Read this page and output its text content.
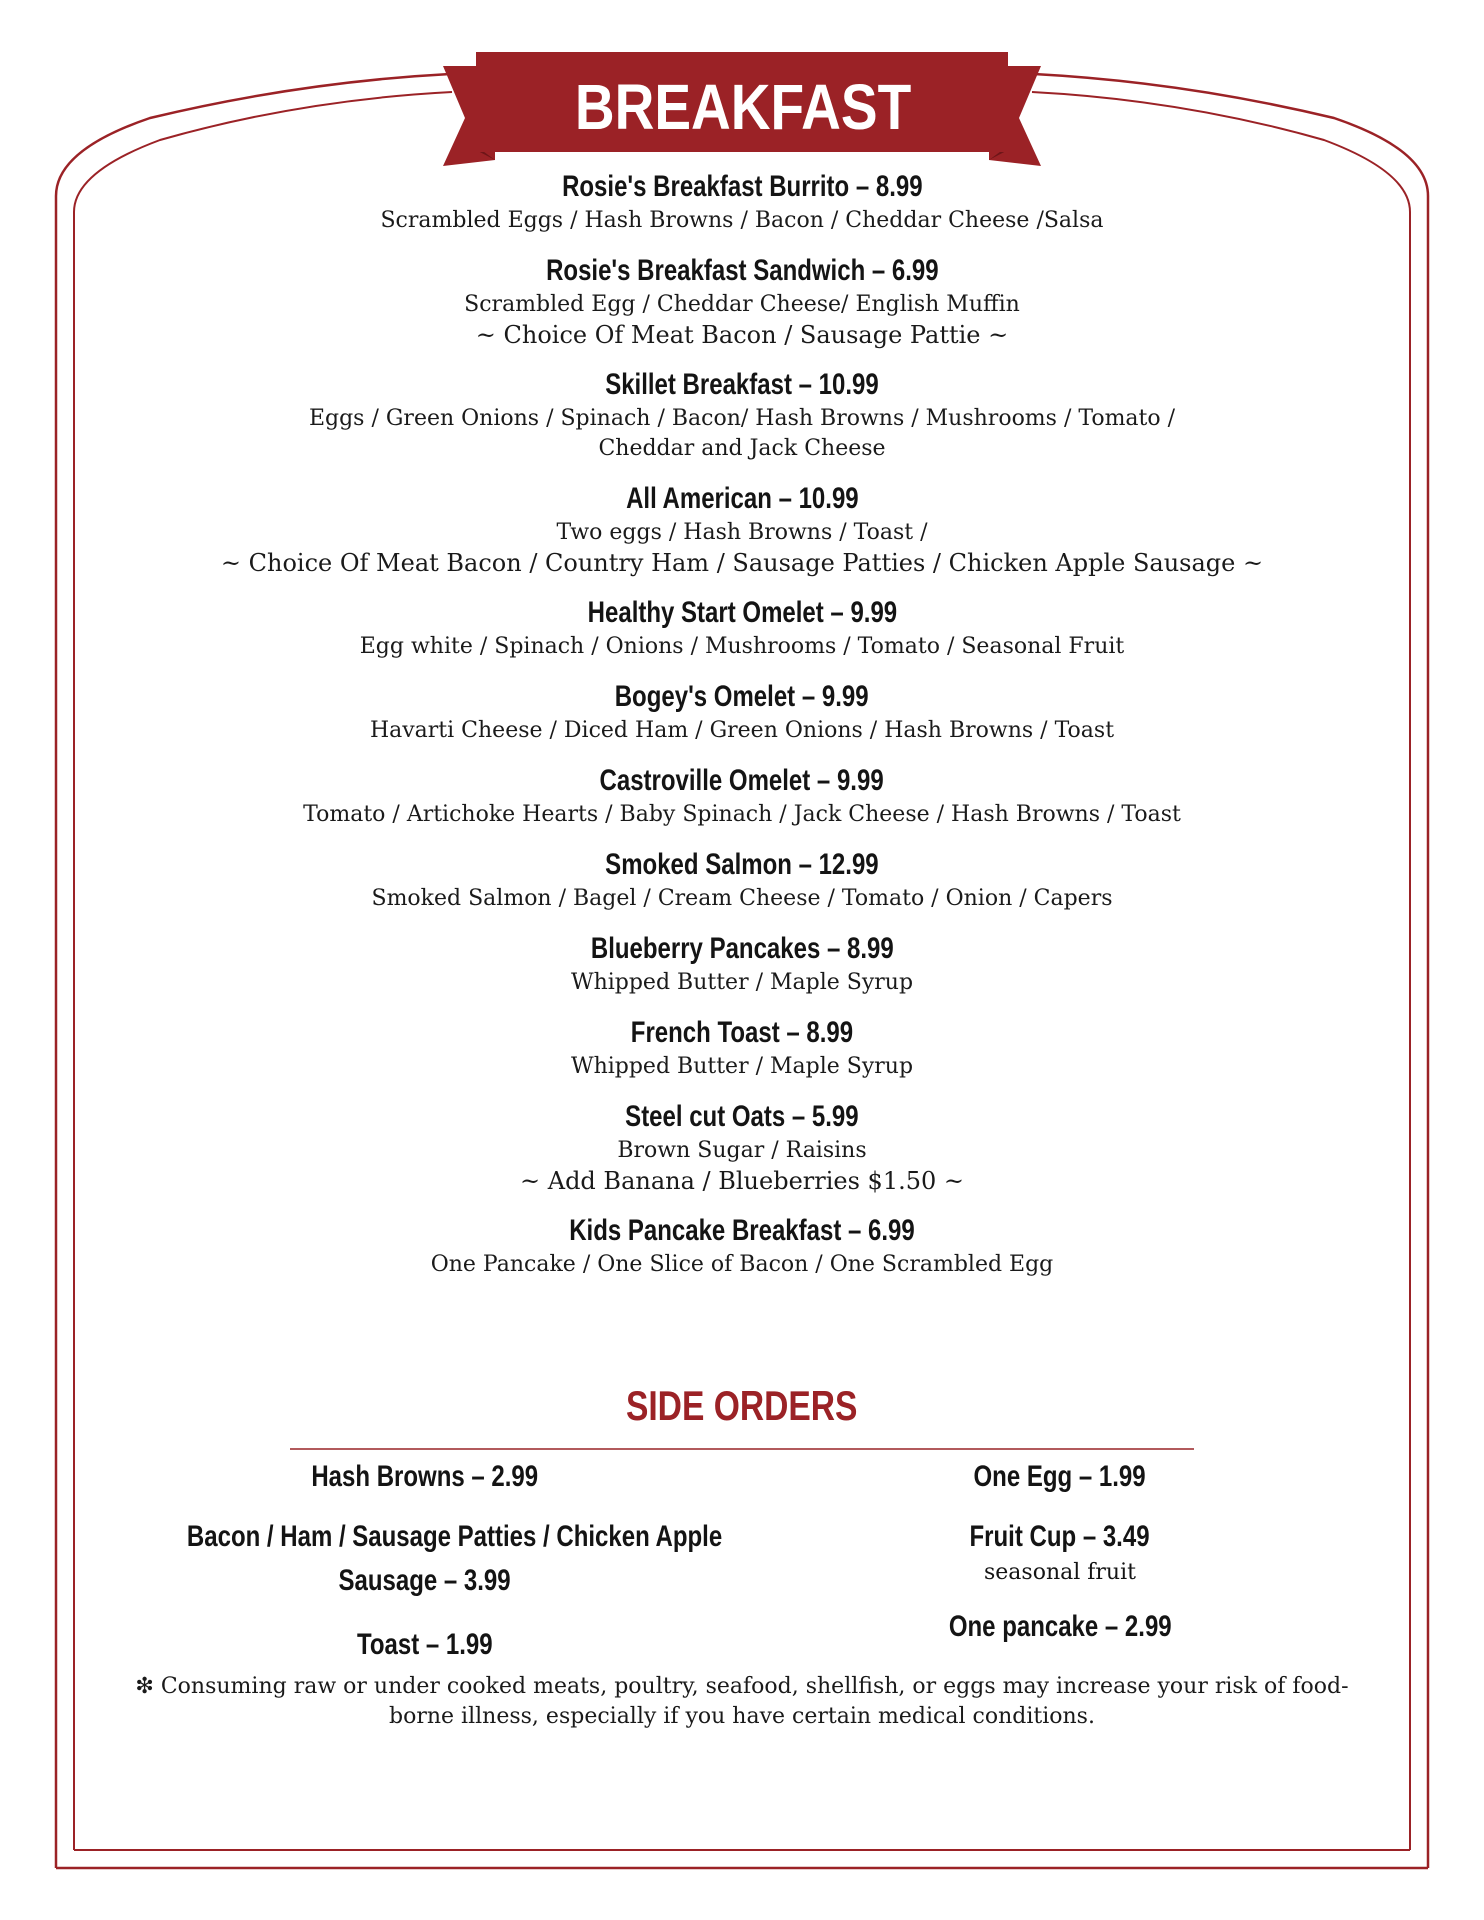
BREAKFAST
Rosie's Breakfast Burrito – 8.99
Scrambled Eggs / Hash Browns / Bacon / Cheddar Cheese /Salsa
Rosie's Breakfast Sandwich – 6.99
Scrambled Egg / Cheddar Cheese/ English Muffin
~ Choice Of Meat Bacon / Sausage Pattie ~
Skillet Breakfast – 10.99
Eggs / Green Onions / Spinach / Bacon/ Hash Browns / Mushrooms / Tomato / Cheddar and Jack Cheese
All American – 10.99
Two eggs / Hash Browns / Toast /
~ Choice Of Meat Bacon / Country Ham / Sausage Patties / Chicken Apple Sausage ~
Healthy Start Omelet – 9.99
Egg white / Spinach / Onions / Mushrooms / Tomato / Seasonal Fruit
Bogey's Omelet – 9.99
Havarti Cheese / Diced Ham / Green Onions / Hash Browns / Toast
Castroville Omelet – 9.99
Tomato / Artichoke Hearts / Baby Spinach / Jack Cheese / Hash Browns / Toast
Smoked Salmon – 12.99
Smoked Salmon / Bagel / Cream Cheese / Tomato / Onion / Capers
Blueberry Pancakes – 8.99
Whipped Butter / Maple Syrup
French Toast – 8.99
Whipped Butter / Maple Syrup
Steel cut Oats – 5.99
Brown Sugar / Raisins
~ Add Banana / Blueberries $1.50 ~
Kids Pancake Breakfast – 6.99
One Pancake / One Slice of Bacon / One Scrambled Egg
SIDE ORDERS
Hash Browns – 2.99
Bacon / Ham / Sausage Patties / Chicken Apple
Sausage – 3.99
Toast – 1.99
One Egg – 1.99
Fruit Cup – 3.49
seasonal fruit
One pancake – 2.99
❇ Consuming raw or under cooked meats, poultry, seafood, shellfish, or eggs may increase your risk of food-borne illness, especially if you have certain medical conditions.
